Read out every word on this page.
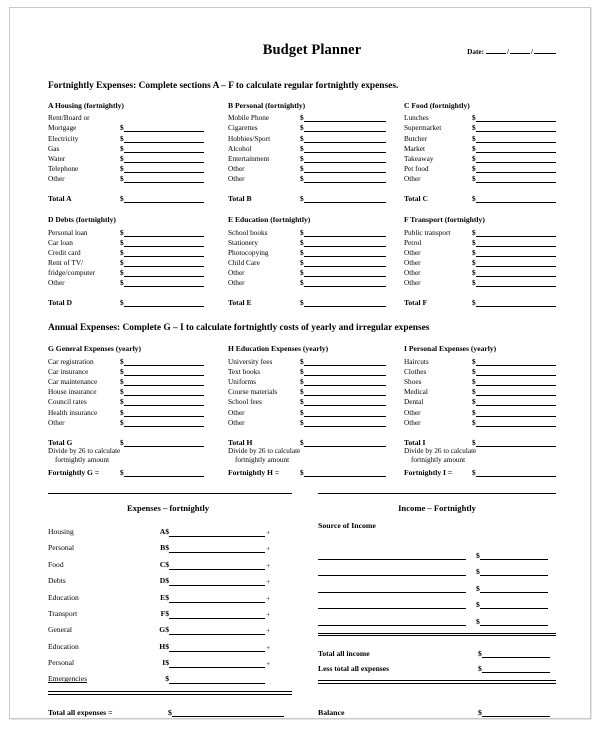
Budget Planner	Date:	/	/
Fortnightly Expenses: Complete sections A – F to calculate regular fortnightly expenses.
A Housing (fortnightly)
Rent/Board or
Mortgage	$
Electricity	$
Gas	$
Water	$
Telephone	$
Other	$
Total A	$
B Personal (fortnightly)
Mobile Phone	$
Cigarettes	$
Hobbies/Sport	$
Alcohol	$
Entertainment	$
Other	$
Other	$
Total B	$
C Food (fortnightly)
Lunches	$
Supermarket	$
Butcher	$
Market	$
Takeaway	$
Pet food	$
Other	$
Total C	$
D Debts (fortnightly)
Personal loan	$
Car loan	$
Credit card	$
Rent of TV/	$
fridge/computer	$
Other	$
Total D	$
E Education (fortnightly)
School books	$
Stationery	$
Photocopying	$
Child Care	$
Other	$
Other	$
Total E	$
F Transport (fortnightly)
Public transport	$
Petrol	$
Other	$
Other	$
Other	$
Other	$
Total F	$
Annual Expenses: Complete G – I to calculate fortnightly costs of yearly and irregular expenses
G General Expenses (yearly)
Car registration	$
Car insurance	$
Car maintenance	$
House insurance	$
Council rates	$
Health insurance	$
Other	$
Total G	$
Divide by 26 to calculate
fortnightly amount
Fortnightly G =	$
H Education Expenses (yearly)
University fees	$
Text books	$
Uniforms	$
Course materials	$
School fees	$
Other	$
Other	$
Total H	$
Divide by 26 to calculate
fortnightly amount
Fortnightly H =	$
I Personal Expenses (yearly)
Haircuts	$
Clothes	$
Shoes	$
Medical	$
Dental	$
Other	$
Other	$
Total I	$
Divide by 26 to calculate
fortnightly amount
Fortnightly I =	$
Expenses – fortnightly
Housing	A$	+
Personal	B$	+
Food	C$	+
Debts	D$	+
Education	E$	+
Transport	F$	+
General	G$	+
Education	H$	+
Personal	I$	+
Emergencies	$
Income – Fortnightly
Source of Income
$
$
$
$
$
Total all income	$
Less total all expenses	$
Total all expenses =	$	Balance	$
